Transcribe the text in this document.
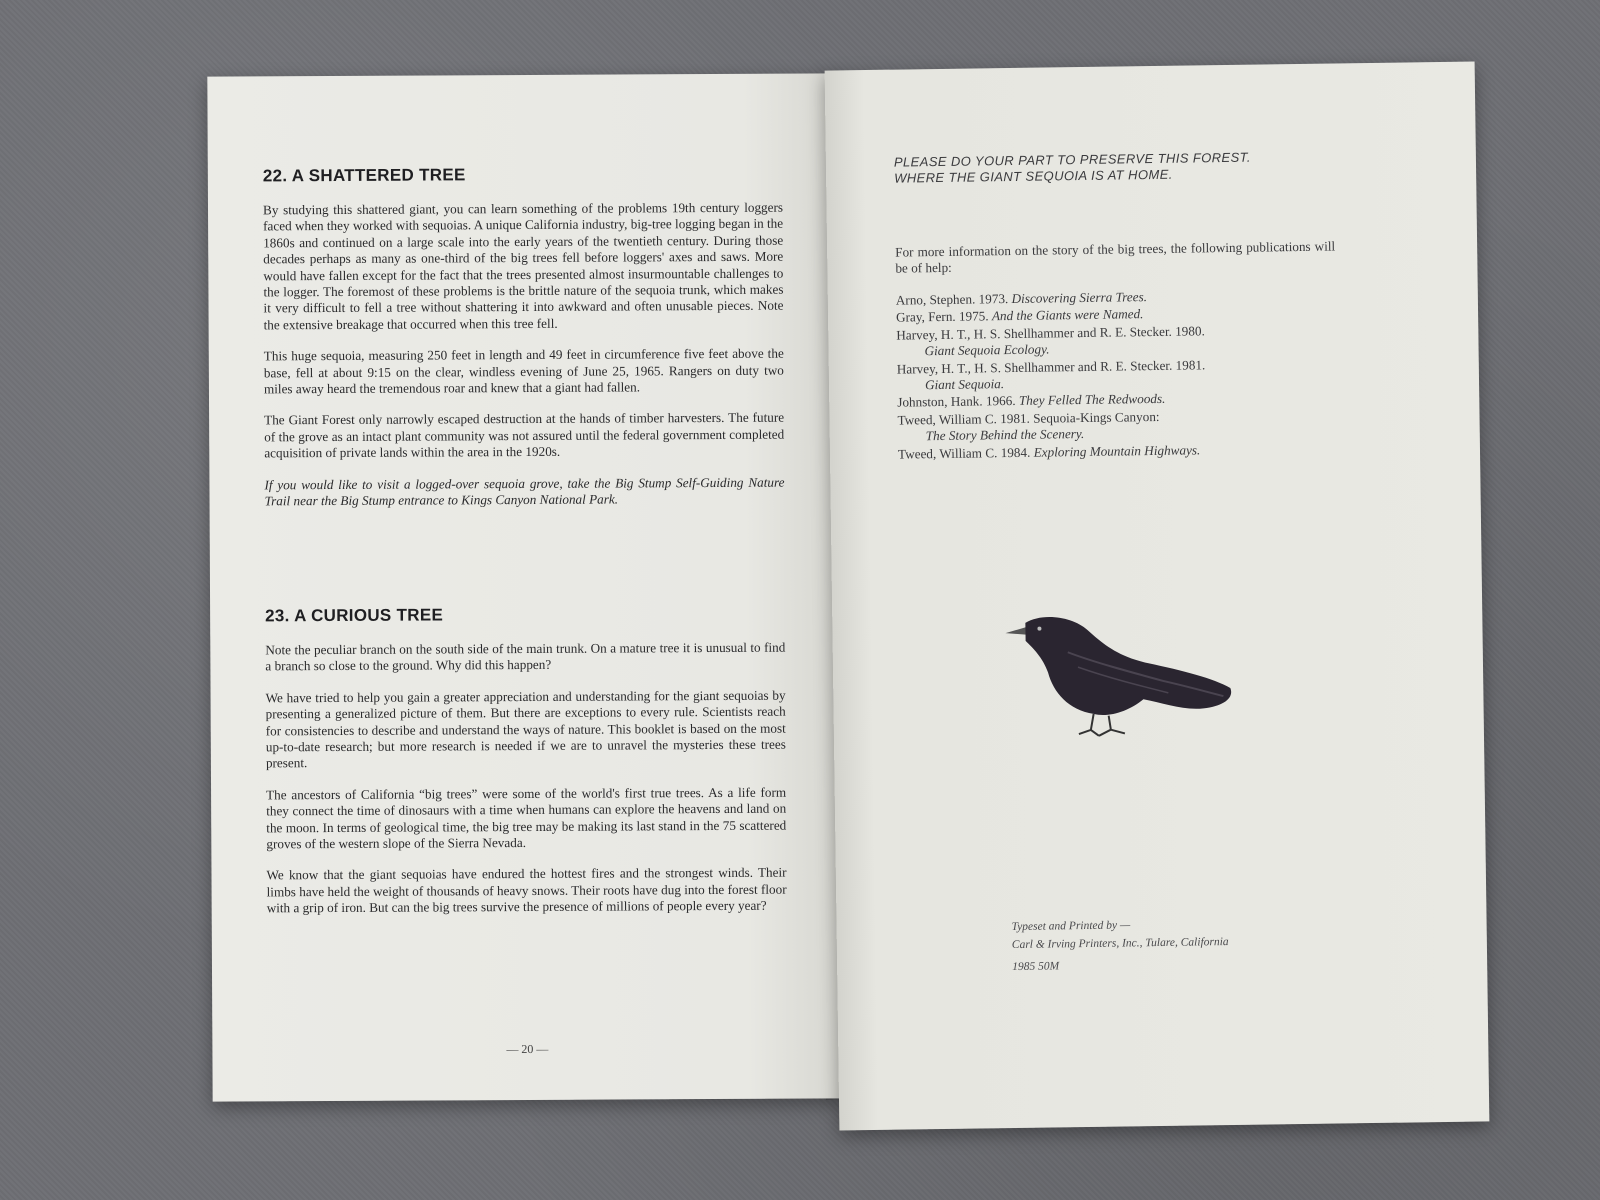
22. A SHATTERED TREE

By studying this shattered giant, you can learn something of the problems 19th century loggers faced when they worked with sequoias. A unique California industry, big-tree logging began in the 1860s and continued on a large scale into the early years of the twentieth century. During those decades perhaps as many as one-third of the big trees fell before loggers' axes and saws. More would have fallen except for the fact that the trees presented almost insurmountable challenges to the logger. The foremost of these problems is the brittle nature of the sequoia trunk, which makes it very difficult to fell a tree without shattering it into awkward and often unusable pieces. Note the extensive breakage that occurred when this tree fell.

This huge sequoia, measuring 250 feet in length and 49 feet in circumference five feet above the base, fell at about 9:15 on the clear, windless evening of June 25, 1965. Rangers on duty two miles away heard the tremendous roar and knew that a giant had fallen.

The Giant Forest only narrowly escaped destruction at the hands of timber harvesters. The future of the grove as an intact plant community was not assured until the federal government completed acquisition of private lands within the area in the 1920s.

If you would like to visit a logged-over sequoia grove, take the Big Stump Self-Guiding Nature Trail near the Big Stump entrance to Kings Canyon National Park.

23. A CURIOUS TREE

Note the peculiar branch on the south side of the main trunk. On a mature tree it is unusual to find a branch so close to the ground. Why did this happen?

We have tried to help you gain a greater appreciation and understanding for the giant sequoias by presenting a generalized picture of them. But there are exceptions to every rule. Scientists reach for consistencies to describe and understand the ways of nature. This booklet is based on the most up-to-date research; but more research is needed if we are to unravel the mysteries these trees present.

The ancestors of California “big trees” were some of the world's first true trees. As a life form they connect the time of dinosaurs with a time when humans can explore the heavens and land on the moon. In terms of geological time, the big tree may be making its last stand in the 75 scattered groves of the western slope of the Sierra Nevada.

We know that the giant sequoias have endured the hottest fires and the strongest winds. Their limbs have held the weight of thousands of heavy snows. Their roots have dug into the forest floor with a grip of iron. But can the big trees survive the presence of millions of people every year?

— 20 —
PLEASE DO YOUR PART TO PRESERVE THIS FOREST.
WHERE THE GIANT SEQUOIA IS AT HOME.
For more information on the story of the big trees, the following publications will be of help:
Arno, Stephen. 1973. Discovering Sierra Trees.
Gray, Fern. 1975. And the Giants were Named.
Harvey, H. T., H. S. Shellhammer and R. E. Stecker. 1980.
Giant Sequoia Ecology.
Harvey, H. T., H. S. Shellhammer and R. E. Stecker. 1981.
Giant Sequoia.
Johnston, Hank. 1966. They Felled The Redwoods.
Tweed, William C. 1981. Sequoia-Kings Canyon:
The Story Behind the Scenery.
Tweed, William C. 1984. Exploring Mountain Highways.
Typeset and Printed by —
Carl & Irving Printers, Inc., Tulare, California
1985 50M
